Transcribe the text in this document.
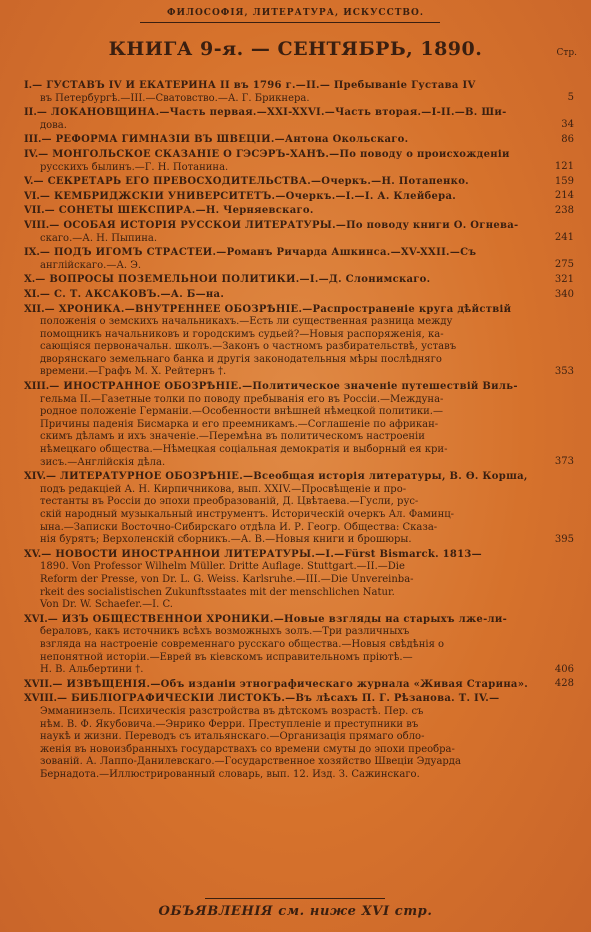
ФИЛОСОФІЯ, ЛИТЕРАТУРА, ИСКУССТВО.
КНИГА 9-я. — СЕНТЯБРЬ, 1890.	Стр.
I.— ГУСТАВЪ IV И ЕКАТЕРИНА II въ 1796 г.—II.— Пребываніе Густава IV
въ Петербургѣ.—III.—Сватовство.—А. Г. Брикнера.	5
II.— ЛОКАНОВЩИНА.—Часть первая.—XXI-XXVI.—Часть вторая.—I-II.—В. Ши-
дова.	34
III.— РЕФОРМА ГИМНАЗІЙ ВЪ ШВЕЦІИ.—Антона Окольскаго.	86
IV.— МОНГОЛЬСКОЕ СКАЗАНІЕ О ГЭСЭРЪ-ХАНѢ.—По поводу о происхожденіи
русскихъ былинъ.—Г. Н. Потанина.	121
V.— СЕКРЕТАРЬ ЕГО ПРЕВОСХОДИТЕЛЬСТВА.—Очеркъ.—Н. Потапенко.	159
VI.— КЕМБРИДЖСКІЙ УНИВЕРСИТЕТЪ.—Очеркъ.—I.—I. А. Клейбера.	214
VII.— СОНЕТЫ ШЕКСПИРА.—Н. Черняевскаго.	238
VIII.— ОСОБАЯ ИСТОРІЯ РУССКОЙ ЛИТЕРАТУРЫ.—По поводу книги О. Огнева-
скаго.—А. Н. Пыпина.	241
IX.— ПОДЪ ИГОМЪ СТРАСТЕЙ.—Романъ Ричарда Ашкинса.—XV-XXII.—Съ
англійскаго.—А. Э.	275
X.— ВОПРОСЫ ПОЗЕМЕЛЬНОЙ ПОЛИТИКИ.—I.—Д. Слонимскаго.	321
XI.— С. Т. АКСАКОВЪ.—А. Б—на.	340
XII.— ХРОНИКА.—ВНУТРЕННЕЕ ОБОЗРѢНІЕ.—Распространеніе круга дѣйствій
положенія о земскихъ начальникахъ.—Есть ли существенная разница между
помощникъ начальниковъ и городскимъ судьей?—Новыя распоряженія, ка-
сающіяся первоначальн. школъ.—Законъ о частномъ разбирательствѣ, уставъ
дворянскаго земельнаго банка и другія законодательныя мѣры послѣдняго
времени.—Графъ М. Х. Рейтернъ †.	353
XIII.— ИНОСТРАННОЕ ОБОЗРѢНІЕ.—Политическое значеніе путешествій Виль-
гельма II.—Газетные толки по поводу пребыванія его въ Россіи.—Междуна-
родное положеніе Германіи.—Особенности внѣшней нѣмецкой политики.—
Причины паденія Бисмарка и его преемникамъ.—Соглашеніе по африкан-
скимъ дѣламъ и ихъ значеніе.—Перемѣна въ политическомъ настроеніи
нѣмецкаго общества.—Нѣмецкая соціальная демократія и выборный ея кри-
зисъ.—Англійскія дѣла.	373
XIV.— ЛИТЕРАТУРНОЕ ОБОЗРѢНІЕ.—Всеобщая исторія литературы, В. Ө. Корша,
подъ редакціей А. Н. Кирпичникова, вып. XXIV.—Просвѣщеніе и про-
тестанты въ Россіи до эпохи преобразованій, Д. Цвѣтаева.—Гусли, рус-
скій народный музыкальный инструментъ. Историческій очеркъ Ал. Фаминц-
ына.—Записки Восточно-Сибирскаго отдѣла И. Р. Геогр. Общества: Сказа-
нія бурятъ; Верхоленскій сборникъ.—А. В.—Новыя книги и брошюры.	395
XV.— НОВОСТИ ИНОСТРАННОЙ ЛИТЕРАТУРЫ.—I.—Fürst Bismarck. 1813—
1890. Von Professor Wilhelm Müller. Dritte Auflage. Stuttgart.—II.—Die
Reform der Presse, von Dr. L. G. Weiss. Karlsruhe.—III.—Die Unvereinba-
rkeit des socialistischen Zukunftsstaates mit der menschlichen Natur.
Von Dr. W. Schaefer.—I. C.
XVI.— ИЗЪ ОБЩЕСТВЕННОЙ ХРОНИКИ.—Новые взгляды на старыхъ лже-ли-
бераловъ, какъ источникъ всѣхъ возможныхъ золъ.—Три различныхъ
взгляда на настроеніе современнаго русскаго общества.—Новыя свѣдѣнія о
непонятной исторіи.—Еврей въ кіевскомъ исправительномъ пріютѣ.—
Н. В. Альбертини †.	406
XVII.— ИЗВѢЩЕНІЯ.—Объ изданіи этнографическаго журнала «Живая Старина».	428
XVIII.— БИБЛІОГРАФИЧЕСКІЙ ЛИСТОКЪ.—Въ лѣсахъ П. Г. Рѣзанова. Т. IV.—
Эмманинзель. Психическія разстройства въ дѣтскомъ возрастѣ. Пер. съ
нѣм. В. Ф. Якубовича.—Энрико Ферри. Преступленіе и преступники въ
наукѣ и жизни. Переводъ съ итальянскаго.—Организація прямаго обло-
женія въ новоизбранныхъ государствахъ со времени смуты до эпохи преобра-
зованій. А. Лаппо-Данилевскаго.—Государственное хозяйство Швеціи Эдуарда
Бернадота.—Иллюстрированный словарь, вып. 12. Изд. З. Сажинскаго.
ОБЪЯВЛЕНІЯ см. ниже XVI стр.
